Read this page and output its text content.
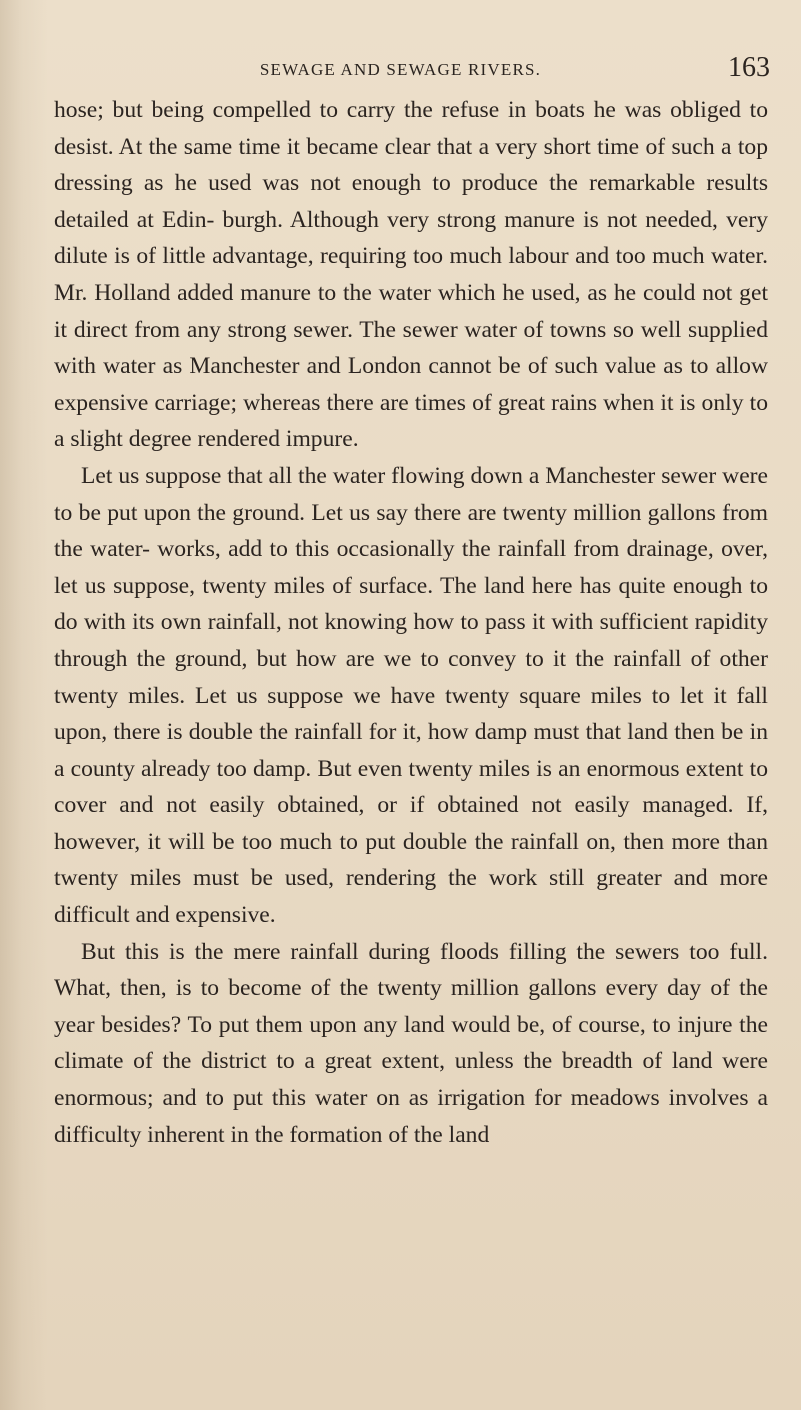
SEWAGE AND SEWAGE RIVERS.	163

hose; but being compelled to carry the refuse in boats he was obliged to desist. At the same time it became clear that a very short time of such a top dressing as he used was not enough to produce the remarkable results detailed at Edin- burgh. Although very strong manure is not needed, very dilute is of little advantage, requiring too much labour and too much water. Mr. Holland added manure to the water which he used, as he could not get it direct from any strong sewer. The sewer water of towns so well supplied with water as Manchester and London cannot be of such value as to allow expensive carriage; whereas there are times of great rains when it is only to a slight degree rendered impure.

Let us suppose that all the water flowing down a Manchester sewer were to be put upon the ground. Let us say there are twenty million gallons from the water- works, add to this occasionally the rainfall from drainage, over, let us suppose, twenty miles of surface. The land here has quite enough to do with its own rainfall, not knowing how to pass it with sufficient rapidity through the ground, but how are we to convey to it the rainfall of other twenty miles. Let us suppose we have twenty square miles to let it fall upon, there is double the rainfall for it, how damp must that land then be in a county already too damp. But even twenty miles is an enormous extent to cover and not easily obtained, or if obtained not easily managed. If, however, it will be too much to put double the rainfall on, then more than twenty miles must be used, rendering the work still greater and more difficult and expensive.

But this is the mere rainfall during floods filling the sewers too full. What, then, is to become of the twenty million gallons every day of the year besides? To put them upon any land would be, of course, to injure the climate of the district to a great extent, unless the breadth of land were enormous; and to put this water on as irrigation for meadows involves a difficulty inherent in the formation of the land
